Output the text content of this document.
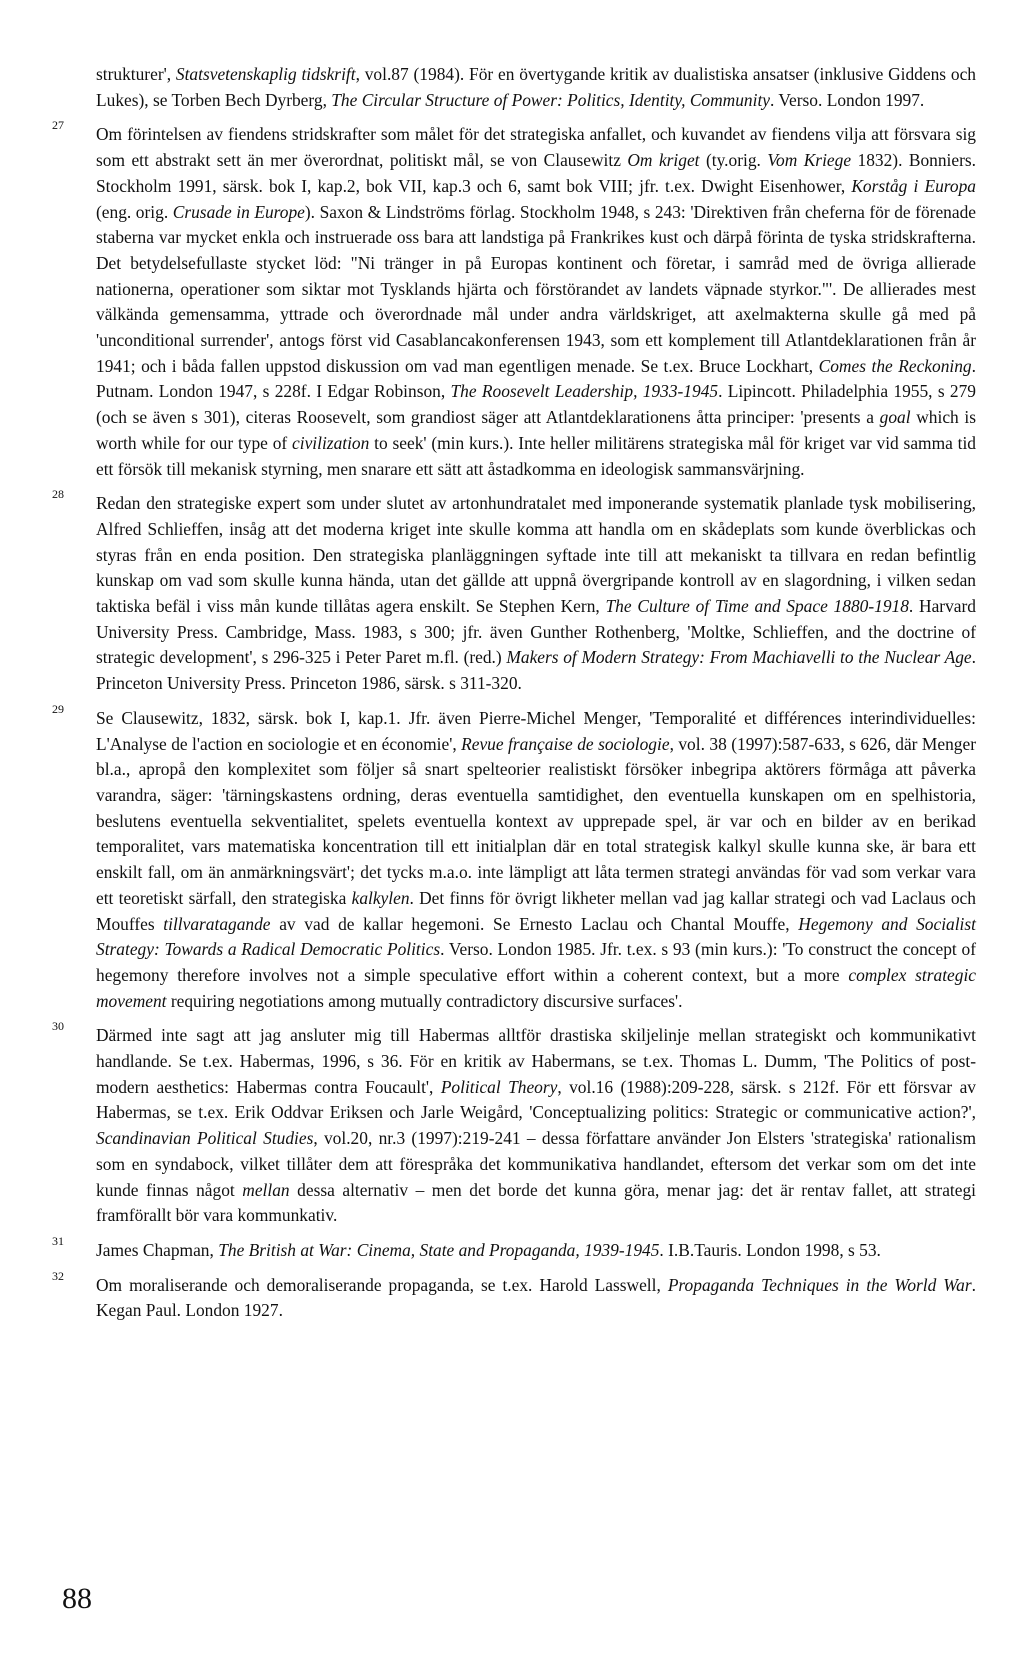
strukturer', Statsvetenskaplig tidskrift, vol.87 (1984). För en övertygande kritik av dualistiska ansatser (inklusive Giddens och Lukes), se Torben Bech Dyrberg, The Circular Structure of Power: Politics, Identity, Community. Verso. London 1997.
27 Om förintelsen av fiendens stridskrafter som målet för det strategiska anfallet, och kuvandet av fiendens vilja att försvara sig som ett abstrakt sett än mer överordnat, politiskt mål, se von Clausewitz Om kriget (ty.orig. Vom Kriege 1832). Bonniers. Stockholm 1991, särsk. bok I, kap.2, bok VII, kap.3 och 6, samt bok VIII; jfr. t.ex. Dwight Eisenhower, Korståg i Europa (eng. orig. Crusade in Europe). Saxon & Lindströms förlag. Stockholm 1948, s 243: 'Direktiven från cheferna för de förenade staberna var mycket enkla och instruerade oss bara att landstiga på Frankrikes kust och därpå förinta de tyska stridskrafterna. Det betydelsefullaste stycket löd: "Ni tränger in på Europas kontinent och företar, i samråd med de övriga allierade nationerna, operationer som siktar mot Tysklands hjärta och förstörandet av landets väpnade styrkor."'. De allierades mest välkända gemensamma, yttrade och överordnade mål under andra världskriget, att axelmakterna skulle gå med på 'unconditional surrender', antogs först vid Casablancakonferensen 1943, som ett komplement till Atlantdeklarationen från år 1941; och i båda fallen uppstod diskussion om vad man egentligen menade. Se t.ex. Bruce Lockhart, Comes the Reckoning. Putnam. London 1947, s 228f. I Edgar Robinson, The Roosevelt Leadership, 1933-1945. Lipincott. Philadelphia 1955, s 279 (och se även s 301), citeras Roosevelt, som grandiost säger att Atlantdeklarationens åtta principer: 'presents a goal which is worth while for our type of civilization to seek' (min kurs.). Inte heller militärens strategiska mål för kriget var vid samma tid ett försök till mekanisk styrning, men snarare ett sätt att åstadkomma en ideologisk sammansvärjning.
28 Redan den strategiske expert som under slutet av artonhundratalet med imponerande systematik planlade tysk mobilisering, Alfred Schlieffen, insåg att det moderna kriget inte skulle komma att handla om en skådeplats som kunde överblickas och styras från en enda position. Den strategiska planläggningen syftade inte till att mekaniskt ta tillvara en redan befintlig kunskap om vad som skulle kunna hända, utan det gällde att uppnå övergripande kontroll av en slagordning, i vilken sedan taktiska befäl i viss mån kunde tillåtas agera enskilt. Se Stephen Kern, The Culture of Time and Space 1880-1918. Harvard University Press. Cambridge, Mass. 1983, s 300; jfr. även Gunther Rothenberg, 'Moltke, Schlieffen, and the doctrine of strategic development', s 296-325 i Peter Paret m.fl. (red.) Makers of Modern Strategy: From Machiavelli to the Nuclear Age. Princeton University Press. Princeton 1986, särsk. s 311-320.
29 Se Clausewitz, 1832, särsk. bok I, kap.1. Jfr. även Pierre-Michel Menger, 'Temporalité et différences interindividuelles: L'Analyse de l'action en sociologie et en économie', Revue française de sociologie, vol. 38 (1997):587-633, s 626, där Menger bl.a., apropå den komplexitet som följer så snart spelteorier realistiskt försöker inbegripa aktörers förmåga att påverka varandra, säger: 'tärningskastens ordning, deras eventuella samtidighet, den eventuella kunskapen om en spelhistoria, beslutens eventuella sekventialitet, spelets eventuella kontext av upprepade spel, är var och en bilder av en berikad temporalitet, vars matematiska koncentration till ett initialplan där en total strategisk kalkyl skulle kunna ske, är bara ett enskilt fall, om än anmärkningsvärt'; det tycks m.a.o. inte lämpligt att låta termen strategi användas för vad som verkar vara ett teoretiskt särfall, den strategiska kalkylen. Det finns för övrigt likheter mellan vad jag kallar strategi och vad Laclaus och Mouffes tillvaratagande av vad de kallar hegemoni. Se Ernesto Laclau och Chantal Mouffe, Hegemony and Socialist Strategy: Towards a Radical Democratic Politics. Verso. London 1985. Jfr. t.ex. s 93 (min kurs.): 'To construct the concept of hegemony therefore involves not a simple speculative effort within a coherent context, but a more complex strategic movement requiring negotiations among mutually contradictory discursive surfaces'.
30 Därmed inte sagt att jag ansluter mig till Habermas alltför drastiska skiljelinje mellan strategiskt och kommunikativt handlande. Se t.ex. Habermas, 1996, s 36. För en kritik av Habermans, se t.ex. Thomas L. Dumm, 'The Politics of post-modern aesthetics: Habermas contra Foucault', Political Theory, vol.16 (1988):209-228, särsk. s 212f. För ett försvar av Habermas, se t.ex. Erik Oddvar Eriksen och Jarle Weigård, 'Conceptualizing politics: Strategic or communicative action?', Scandinavian Political Studies, vol.20, nr.3 (1997):219-241 – dessa författare använder Jon Elsters 'strategiska' rationalism som en syndabock, vilket tillåter dem att förespråka det kommunikativa handlandet, eftersom det verkar som om det inte kunde finnas något mellan dessa alternativ – men det borde det kunna göra, menar jag: det är rentav fallet, att strategi framförallt bör vara kommunkativ.
31 James Chapman, The British at War: Cinema, State and Propaganda, 1939-1945. I.B.Tauris. London 1998, s 53.
32 Om moraliserande och demoraliserande propaganda, se t.ex. Harold Lasswell, Propaganda Techniques in the World War. Kegan Paul. London 1927.
88
